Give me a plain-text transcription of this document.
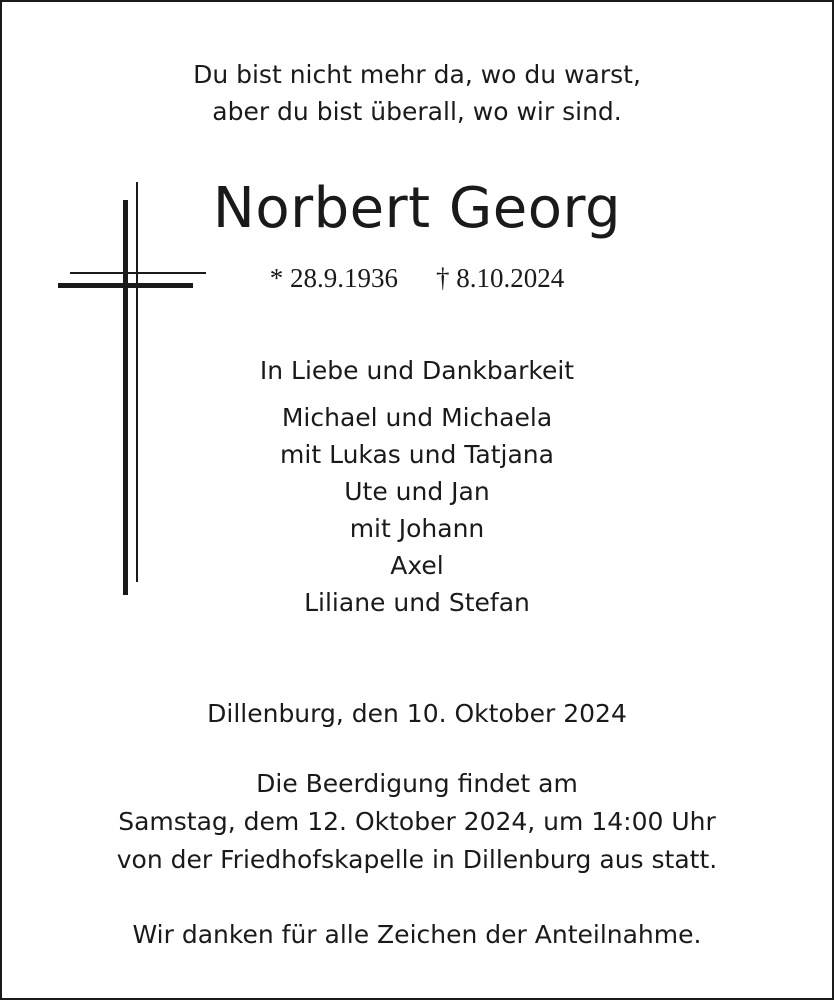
Du bist nicht mehr da, wo du warst,
aber du bist überall, wo wir sind.
Norbert Georg
* 28.9.1936 † 8.10.2024
In Liebe und Dankbarkeit
Michael und Michaela
mit Lukas und Tatjana
Ute und Jan
mit Johann
Axel
Liliane und Stefan
Dillenburg, den 10. Oktober 2024
Die Beerdigung findet am
Samstag, dem 12. Oktober 2024, um 14:00 Uhr
von der Friedhofskapelle in Dillenburg aus statt.
Wir danken für alle Zeichen der Anteilnahme.
